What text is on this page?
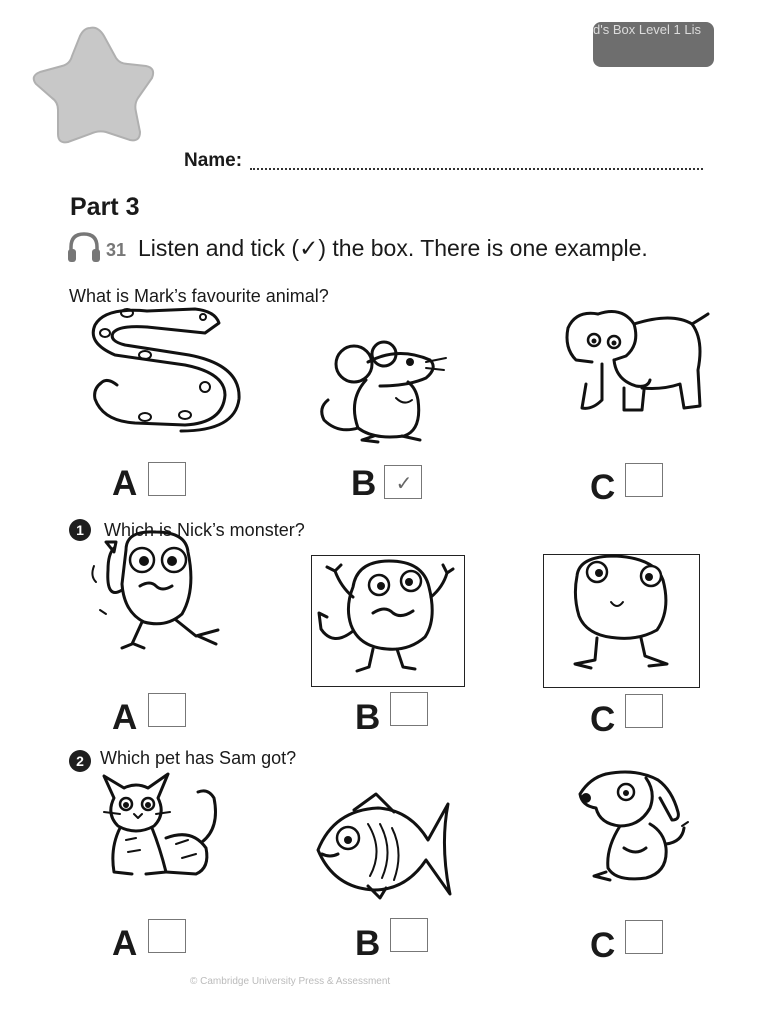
d's Box Level 1 Lis
Name:
Part 3
31 Listen and tick (✓) the box. There is one example.
What is Mark’s favourite animal?
A	B ✓	C
1	Which is Nick’s monster?
A	B	C
2 Which pet has Sam got?
A	B	C
© Cambridge University Press & Assessment
